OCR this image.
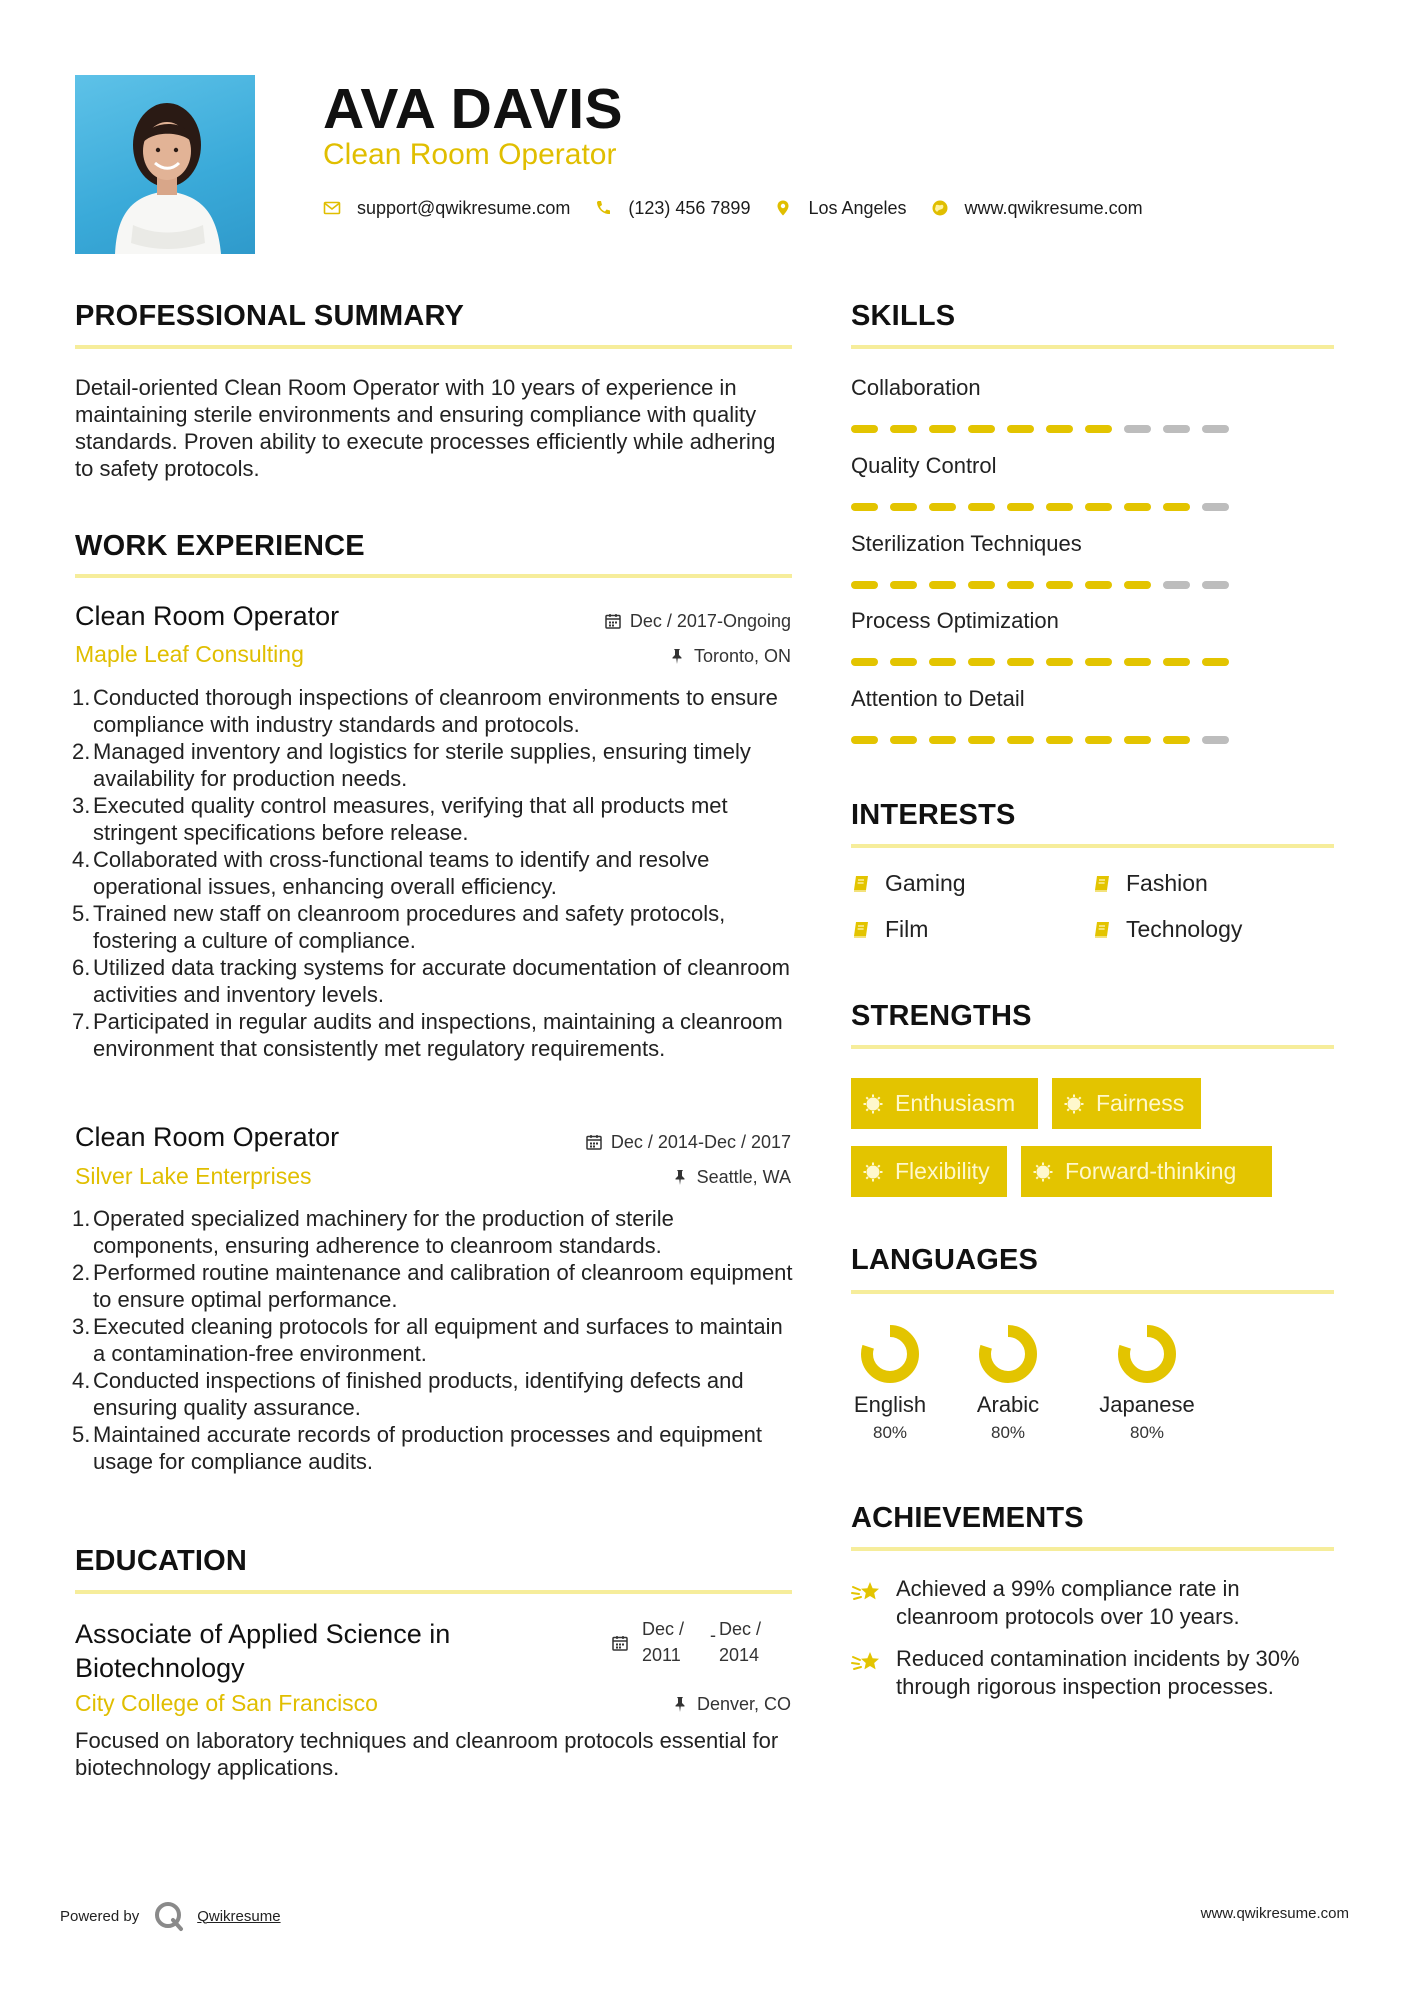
AVA DAVIS
Clean Room Operator
support@qwikresume.com	(123) 456 7899	Los Angeles	www.qwikresume.com
PROFESSIONAL SUMMARY
Detail-oriented Clean Room Operator with 10 years of experience in maintaining sterile environments and ensuring compliance with quality standards. Proven ability to execute processes efficiently while adhering to safety protocols.
WORK EXPERIENCE
Clean Room Operator	Dec / 2017-Ongoing
Maple Leaf Consulting	Toronto, ON
1. Conducted thorough inspections of cleanroom environments to ensure compliance with industry standards and protocols.
2. Managed inventory and logistics for sterile supplies, ensuring timely availability for production needs.
3. Executed quality control measures, verifying that all products met stringent specifications before release.
4. Collaborated with cross-functional teams to identify and resolve operational issues, enhancing overall efficiency.
5. Trained new staff on cleanroom procedures and safety protocols, fostering a culture of compliance.
6. Utilized data tracking systems for accurate documentation of cleanroom activities and inventory levels.
7. Participated in regular audits and inspections, maintaining a cleanroom environment that consistently met regulatory requirements.
Clean Room Operator	Dec / 2014-Dec / 2017
Silver Lake Enterprises	Seattle, WA
1. Operated specialized machinery for the production of sterile components, ensuring adherence to cleanroom standards.
2. Performed routine maintenance and calibration of cleanroom equipment to ensure optimal performance.
3. Executed cleaning protocols for all equipment and surfaces to maintain a contamination-free environment.
4. Conducted inspections of finished products, identifying defects and ensuring quality assurance.
5. Maintained accurate records of production processes and equipment usage for compliance audits.
EDUCATION
Associate of Applied Science in Biotechnology
Dec /
2011
- Dec /
2014
City College of San Francisco	Denver, CO
Focused on laboratory techniques and cleanroom protocols essential for biotechnology applications.
SKILLS
Collaboration
Quality Control
Sterilization Techniques
Process Optimization
Attention to Detail
INTERESTS
Gaming	Fashion
Film	Technology
STRENGTHS
Enthusiasm	Fairness
Flexibility	Forward-thinking
LANGUAGES
English
80%
Arabic
80%
Japanese
80%
ACHIEVEMENTS
Achieved a 99% compliance rate in cleanroom protocols over 10 years.
Reduced contamination incidents by 30% through rigorous inspection processes.
Powered by	Qwikresume	www.qwikresume.com
